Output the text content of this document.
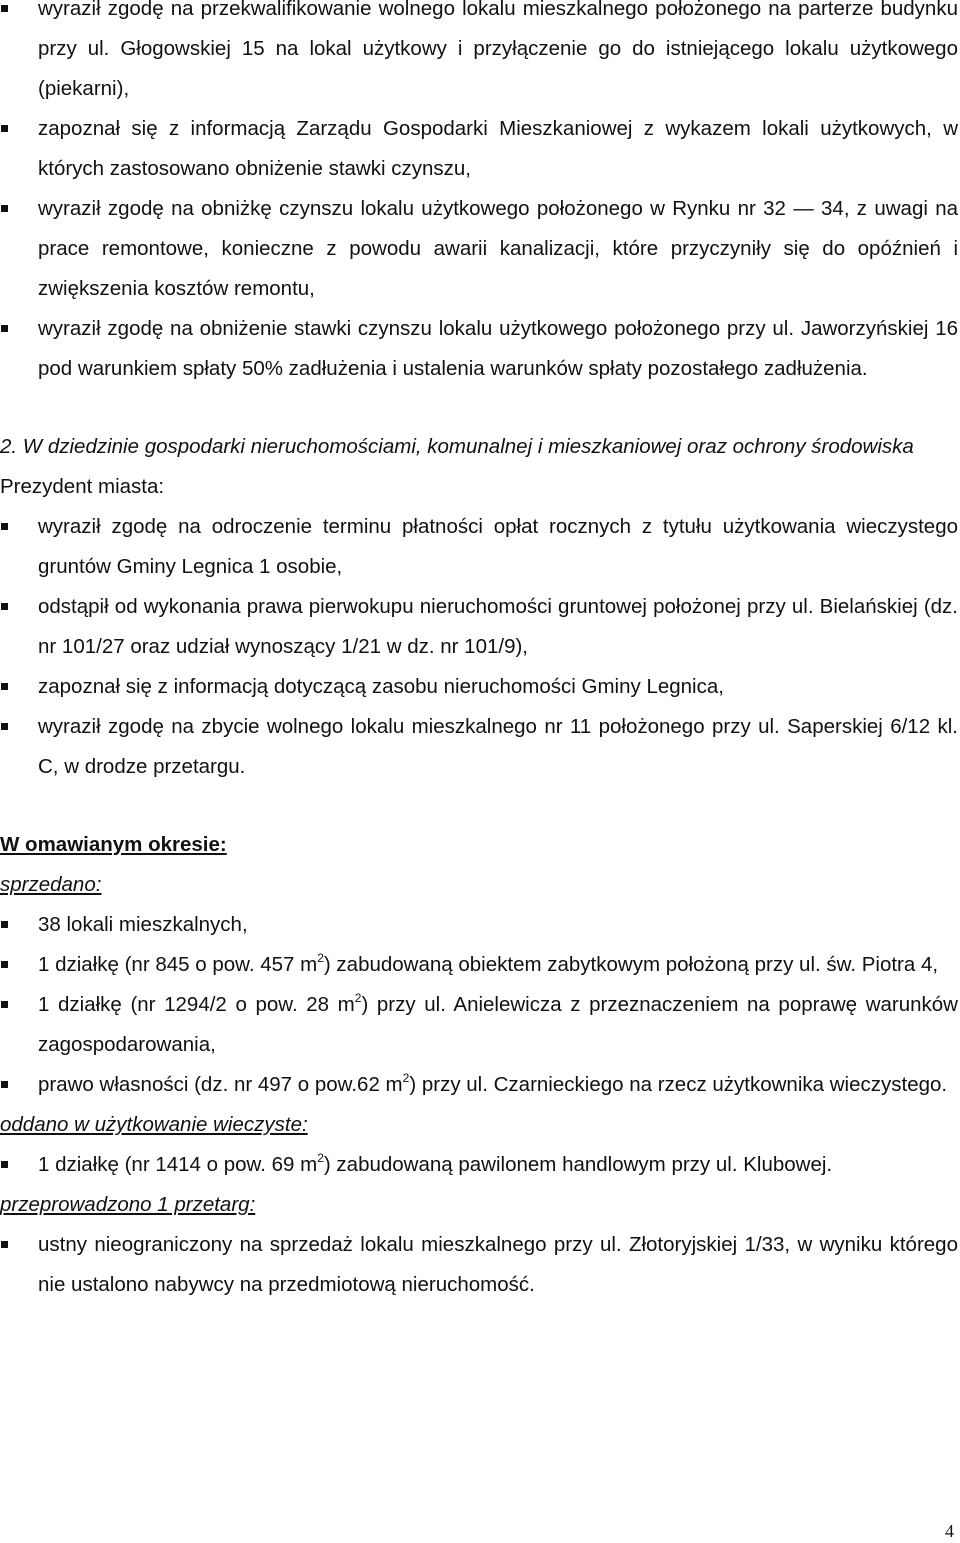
wyraził zgodę na przekwalifikowanie wolnego lokalu mieszkalnego położonego na parterze budynku przy ul. Głogowskiej 15 na lokal użytkowy i przyłączenie go do istniejącego lokalu użytkowego (piekarni),
zapoznał się z informacją Zarządu Gospodarki Mieszkaniowej z wykazem lokali użytkowych, w których zastosowano obniżenie stawki czynszu,
wyraził zgodę na obniżkę czynszu lokalu użytkowego położonego w Rynku nr 32 — 34, z uwagi na prace remontowe, konieczne z powodu awarii kanalizacji, które przyczyniły się do opóźnień i zwiększenia kosztów remontu,
wyraził zgodę na obniżenie stawki czynszu lokalu użytkowego położonego przy ul. Jaworzyńskiej 16 pod warunkiem spłaty 50% zadłużenia i ustalenia warunków spłaty pozostałego zadłużenia.

2. W dziedzinie gospodarki nieruchomościami, komunalnej i mieszkaniowej oraz ochrony środowiska

Prezydent miasta:

wyraził zgodę na odroczenie terminu płatności opłat rocznych z tytułu użytkowania wieczystego gruntów Gminy Legnica 1 osobie,
odstąpił od wykonania prawa pierwokupu nieruchomości gruntowej położonej przy ul. Bielańskiej (dz. nr 101/27 oraz udział wynoszący 1/21 w dz. nr 101/9),
zapoznał się z informacją dotyczącą zasobu nieruchomości Gminy Legnica,
wyraził zgodę na zbycie wolnego lokalu mieszkalnego nr 11 położonego przy ul. Saperskiej 6/12 kl. C, w drodze przetargu.

W omawianym okresie:

sprzedano:

38 lokali mieszkalnych,
1 działkę (nr 845 o pow. 457 $m^2$) zabudowaną obiektem zabytkowym położoną przy ul. św. Piotra 4,
1 działkę (nr 1294/2 o pow. 28 $m^2$) przy ul. Anielewicza z przeznaczeniem na poprawę warunków zagospodarowania,
prawo własności (dz. nr 497 o pow.62 $m^2$) przy ul. Czarnieckiego na rzecz użytkownika wieczystego.

oddano w użytkowanie wieczyste:

1 działkę (nr 1414 o pow. 69 $m^2$) zabudowaną pawilonem handlowym przy ul. Klubowej.

przeprowadzono 1 przetarg:

ustny nieograniczony na sprzedaż lokalu mieszkalnego przy ul. Złotoryjskiej 1/33, w wyniku którego nie ustalono nabywcy na przedmiotową nieruchomość.
4
